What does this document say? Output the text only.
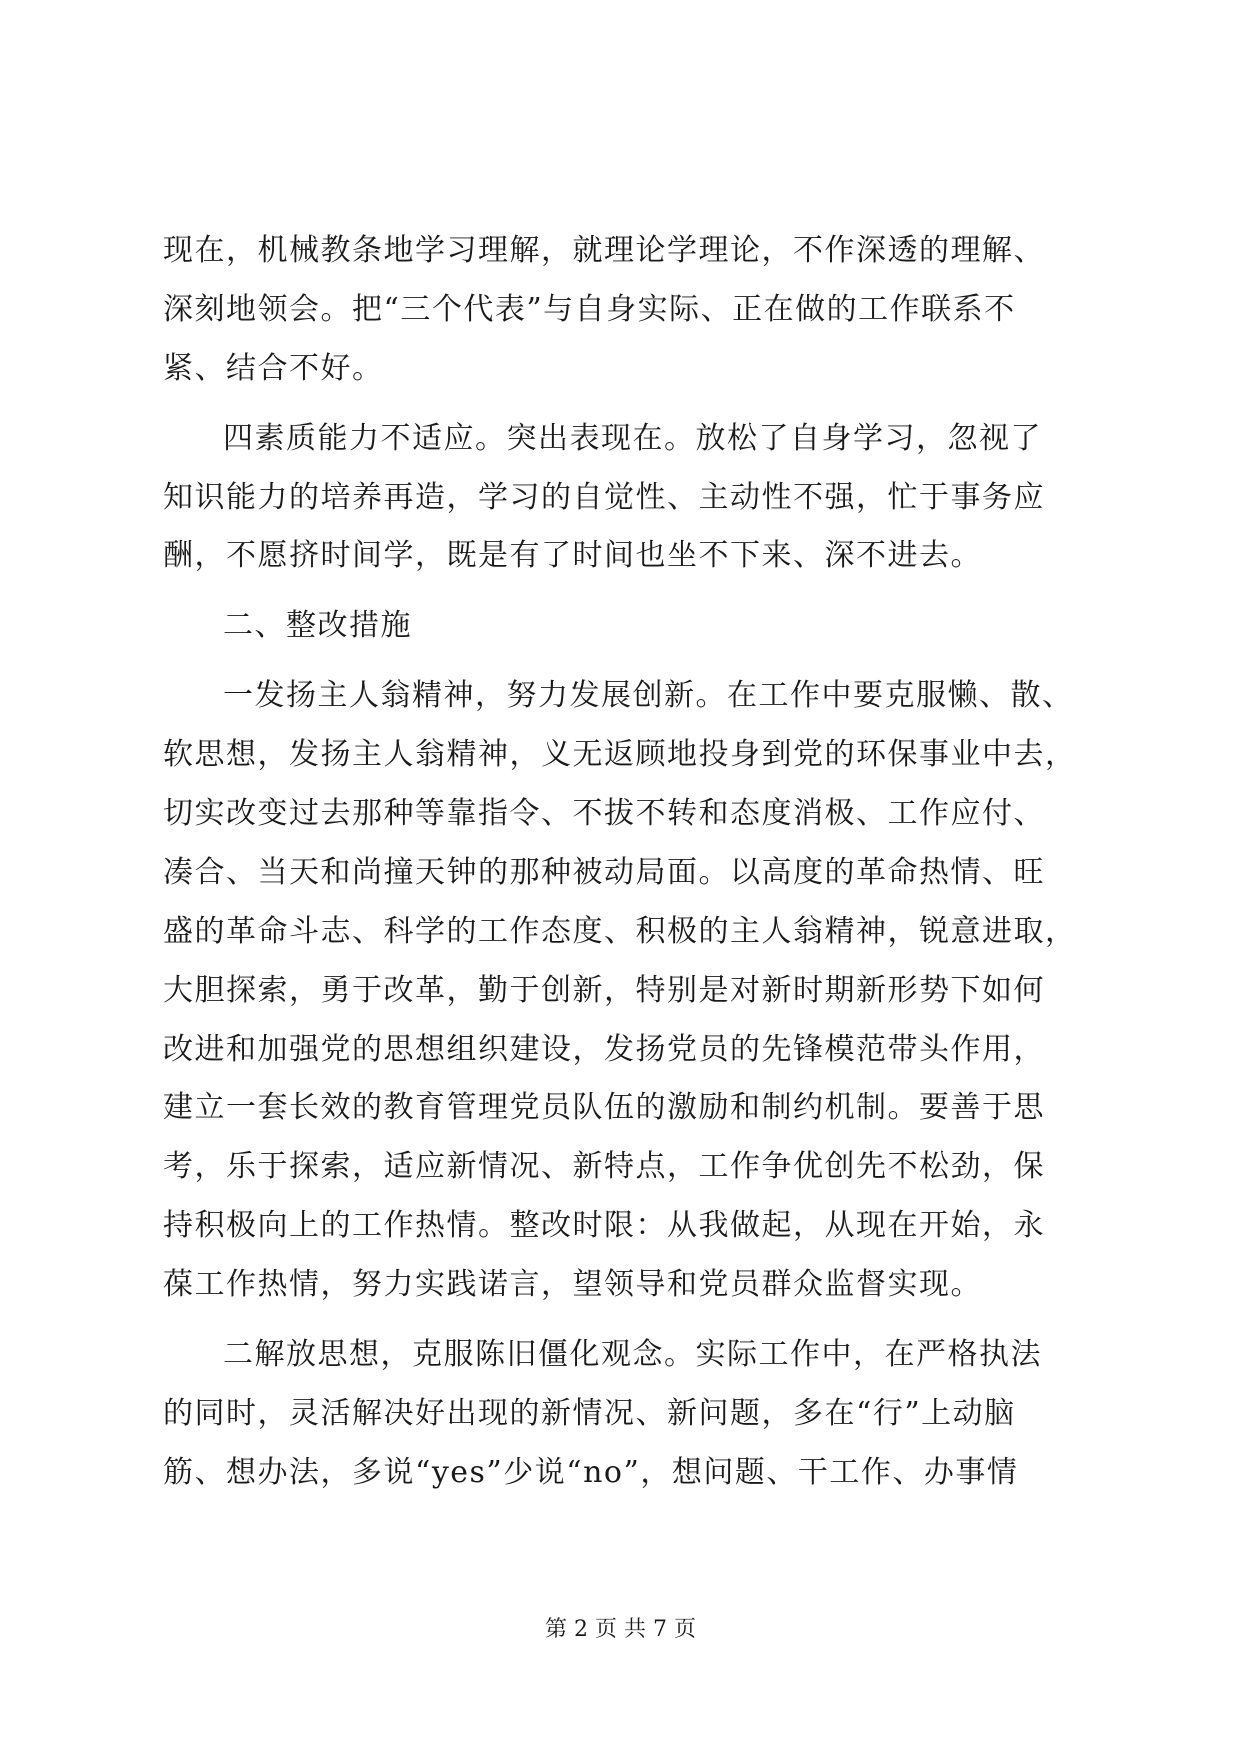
现在，机械教条地学习理解，就理论学理论，不作深透的理解、
深刻地领会。把“三个代表”与自身实际、正在做的工作联系不
紧、结合不好。
四素质能力不适应。突出表现在。放松了自身学习，忽视了
知识能力的培养再造，学习的自觉性、主动性不强，忙于事务应
酬，不愿挤时间学，既是有了时间也坐不下来、深不进去。
二、整改措施
一发扬主人翁精神，努力发展创新。在工作中要克服懒、散、
软思想，发扬主人翁精神，义无返顾地投身到党的环保事业中去，
切实改变过去那种等靠指令、不拔不转和态度消极、工作应付、
凑合、当天和尚撞天钟的那种被动局面。以高度的革命热情、旺
盛的革命斗志、科学的工作态度、积极的主人翁精神，锐意进取，
大胆探索，勇于改革，勤于创新，特别是对新时期新形势下如何
改进和加强党的思想组织建设，发扬党员的先锋模范带头作用，
建立一套长效的教育管理党员队伍的激励和制约机制。要善于思
考，乐于探索，适应新情况、新特点，工作争优创先不松劲，保
持积极向上的工作热情。整改时限：从我做起，从现在开始，永
葆工作热情，努力实践诺言，望领导和党员群众监督实现。
二解放思想，克服陈旧僵化观念。实际工作中，在严格执法
的同时，灵活解决好出现的新情况、新问题，多在“行”上动脑
筋、想办法，多说“yes”少说“no”，想问题、干工作、办事情
第 2 页 共 7 页
